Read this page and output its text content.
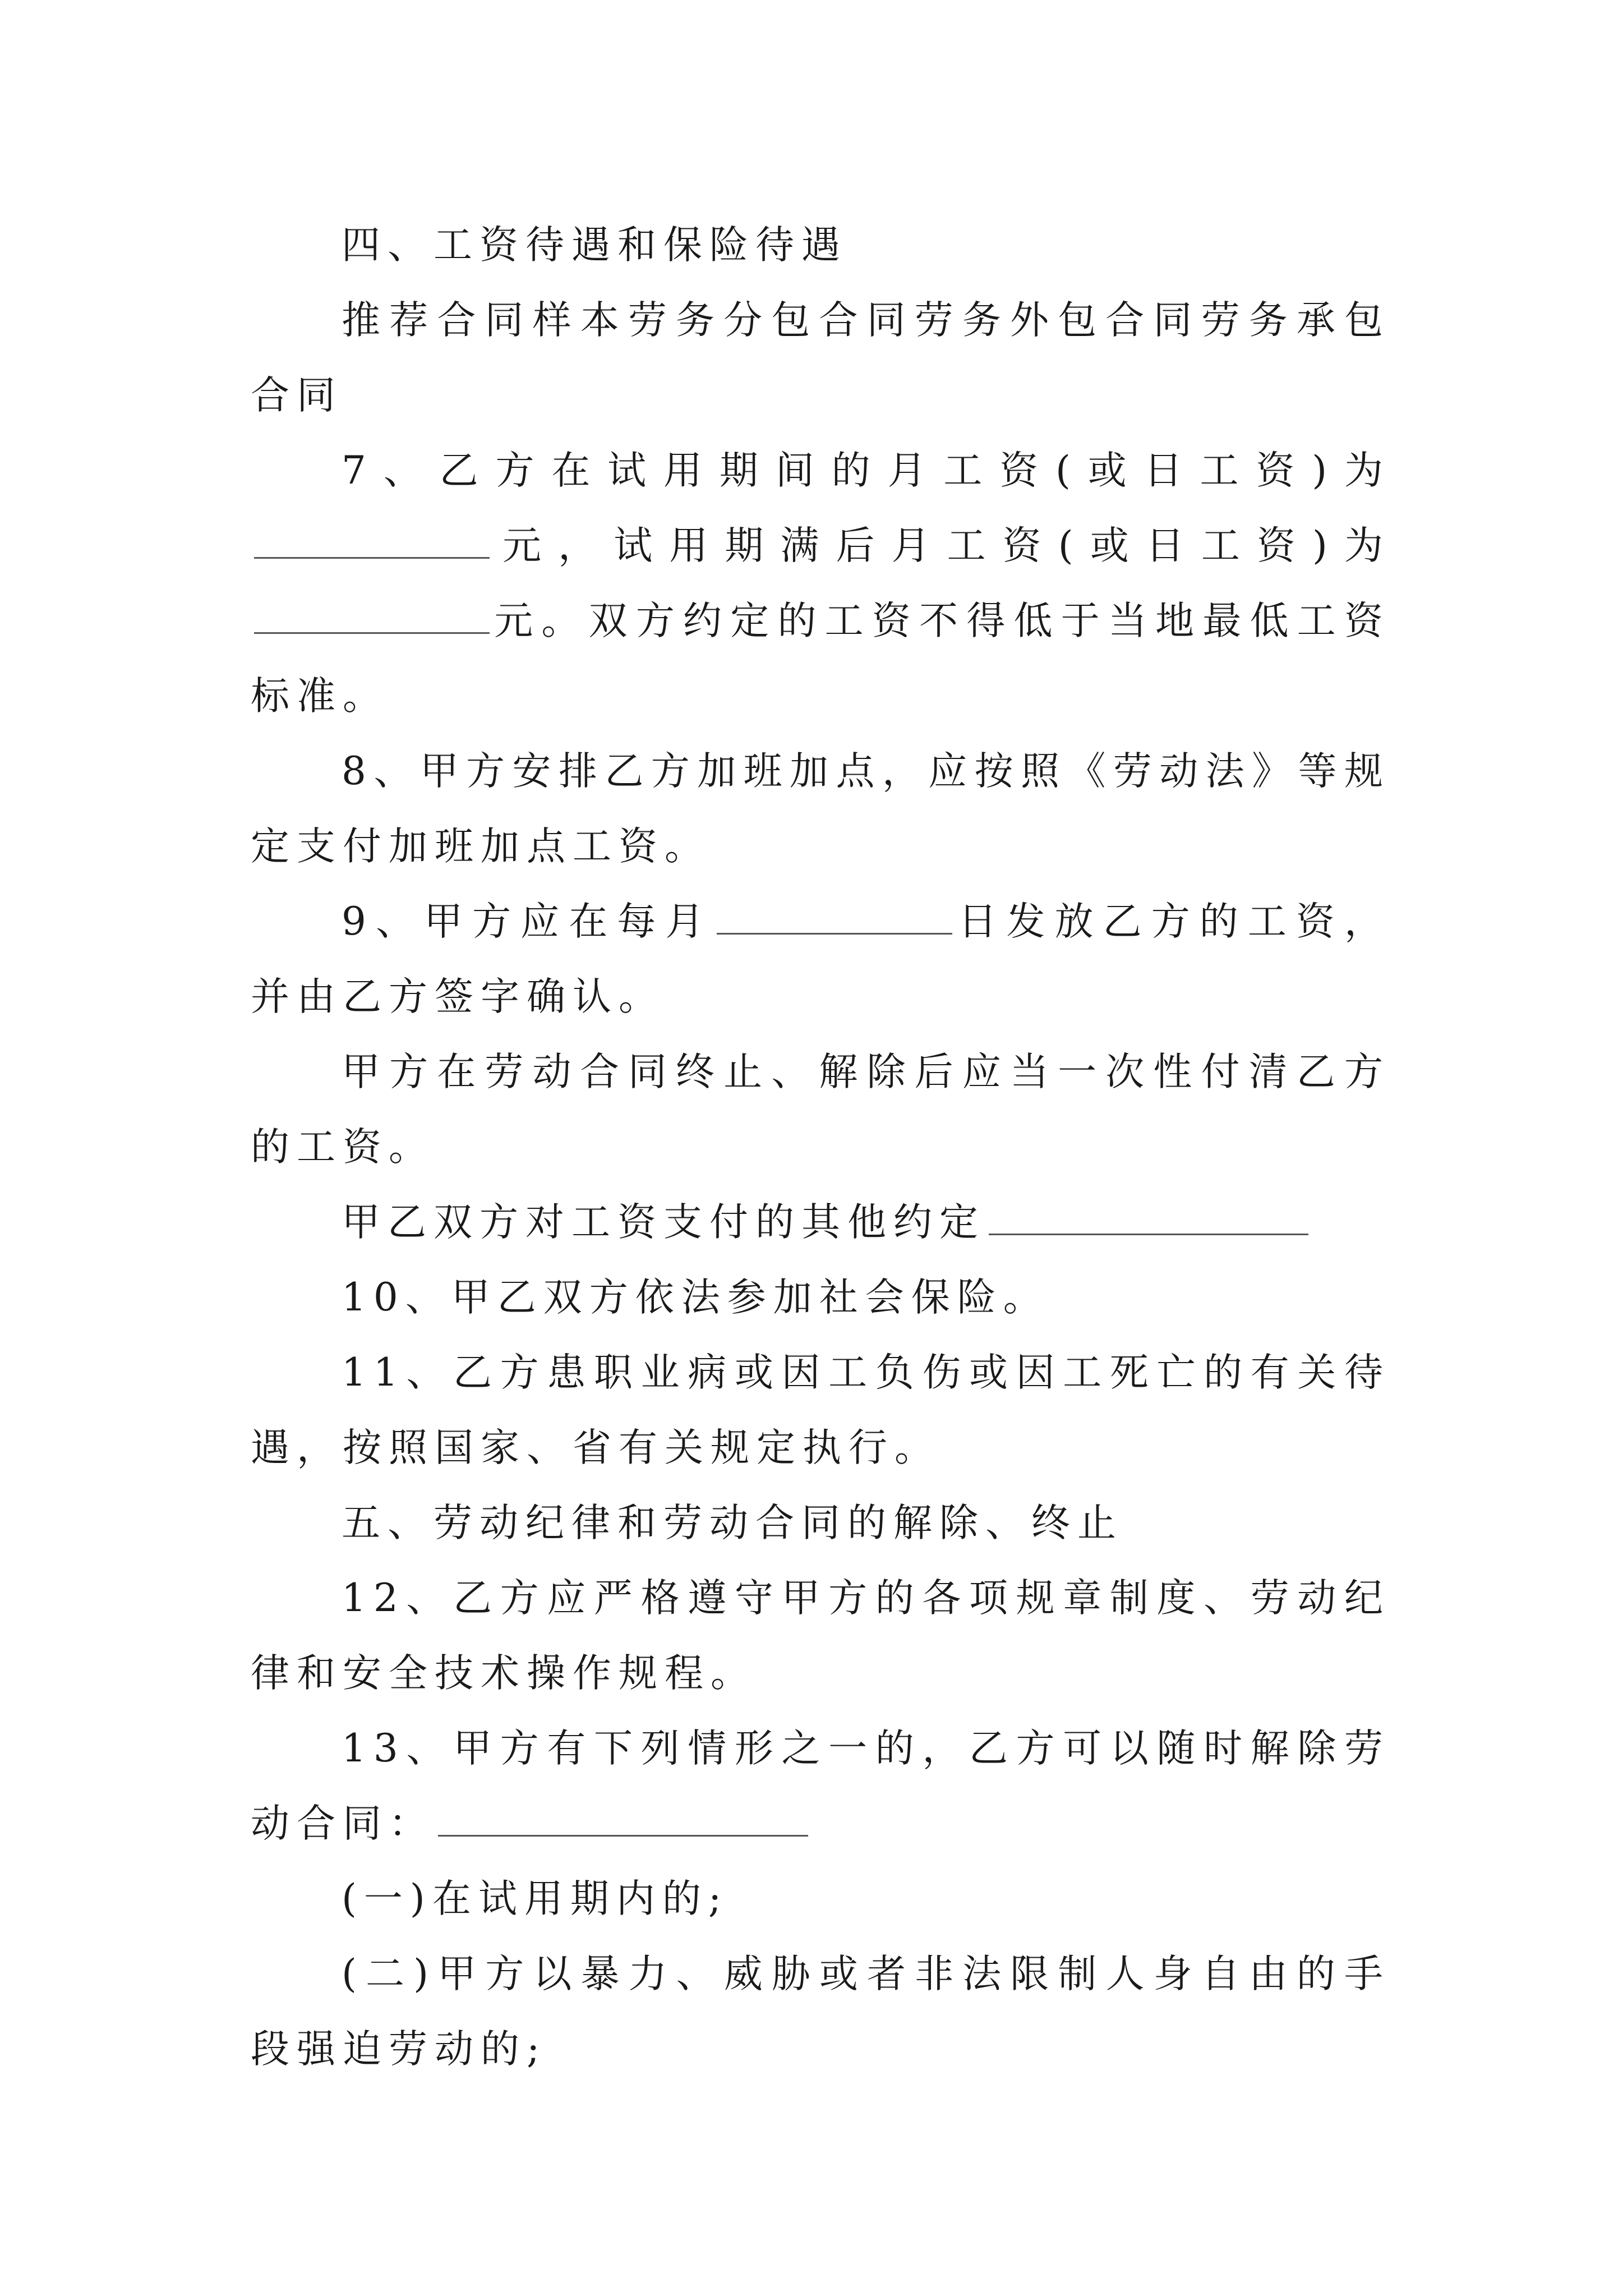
四、工资待遇和保险待遇

推荐合同样本劳务分包合同劳务外包合同劳务承包合同

7、乙方在试用期间的月工资(或日工资)为元，试用期满后月工资(或日工资)为元。双方约定的工资不得低于当地最低工资标准。

8、甲方安排乙方加班加点，应按照《劳动法》等规定支付加班加点工资。

9、甲方应在每月	日发放乙方的工资，并由乙方签字确认。

甲方在劳动合同终止、解除后应当一次性付清乙方的工资。

甲乙双方对工资支付的其他约定

10、甲乙双方依法参加社会保险。

11、乙方患职业病或因工负伤或因工死亡的有关待遇，按照国家、省有关规定执行。

五、劳动纪律和劳动合同的解除、终止

12、乙方应严格遵守甲方的各项规章制度、劳动纪律和安全技术操作规程。

13、甲方有下列情形之一的，乙方可以随时解除劳动合同：

(一)在试用期内的;

(二)甲方以暴力、威胁或者非法限制人身自由的手段强迫劳动的;
